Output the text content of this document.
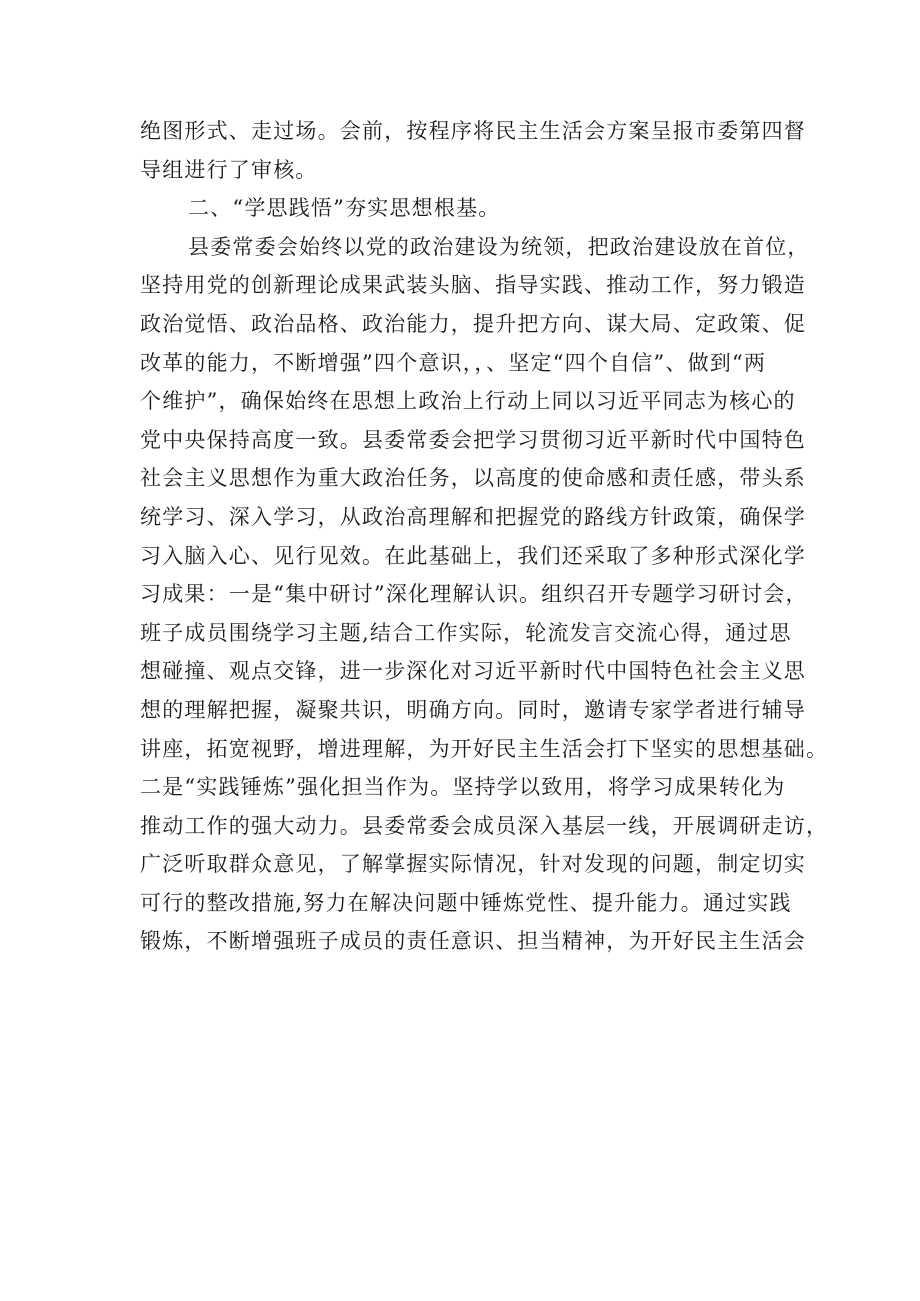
绝图形式、走过场。会前，按程序将民主生活会方案呈报市委第四督
导组进行了审核。
二、“学思践悟”夯实思想根基。
县委常委会始终以党的政治建设为统领，把政治建设放在首位，
坚持用党的创新理论成果武装头脑、指导实践、推动工作，努力锻造
政治觉悟、政治品格、政治能力，提升把方向、谋大局、定政策、促
改革的能力，不断增强”四个意识，，、坚定“四个自信”、做到“两
个维护”，确保始终在思想上政治上行动上同以习近平同志为核心的
党中央保持高度一致。县委常委会把学习贯彻习近平新时代中国特色
社会主义思想作为重大政治任务，以高度的使命感和责任感，带头系
统学习、深入学习，从政治高理解和把握党的路线方针政策，确保学
习入脑入心、见行见效。在此基础上，我们还采取了多种形式深化学
习成果：一是“集中研讨”深化理解认识。组织召开专题学习研讨会，
班子成员围绕学习主题,结合工作实际，轮流发言交流心得，通过思
想碰撞、观点交锋，进一步深化对习近平新时代中国特色社会主义思
想的理解把握，凝聚共识，明确方向。同时，邀请专家学者进行辅导
讲座，拓宽视野，增进理解，为开好民主生活会打下坚实的思想基础。
二是“实践锤炼”强化担当作为。坚持学以致用，将学习成果转化为
推动工作的强大动力。县委常委会成员深入基层一线，开展调研走访，
广泛听取群众意见，了解掌握实际情况，针对发现的问题，制定切实
可行的整改措施,努力在解决问题中锤炼党性、提升能力。通过实践
锻炼，不断增强班子成员的责任意识、担当精神，为开好民主生活会
